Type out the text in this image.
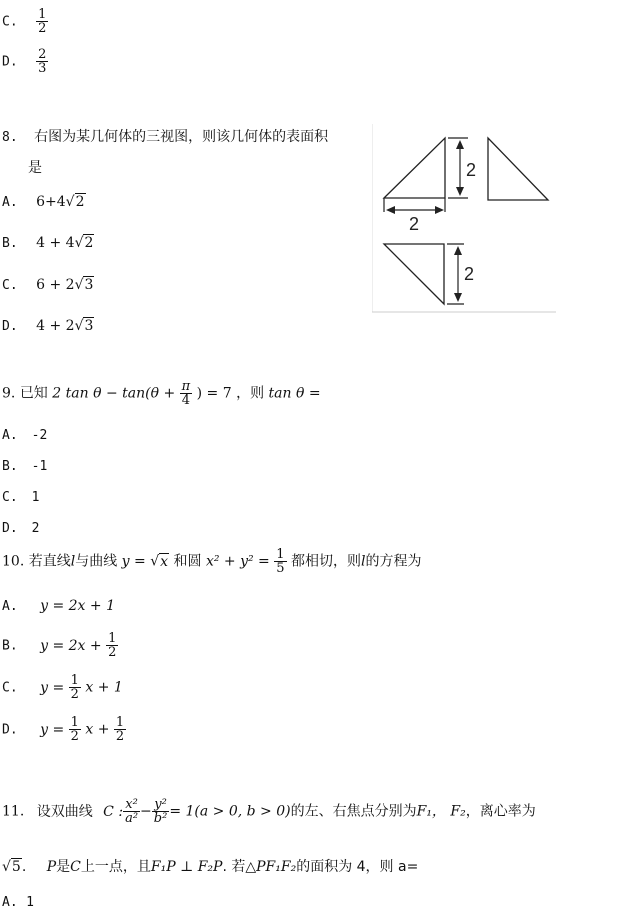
C. $\frac{1}{2}$
D. $\frac{2}{3}$
8. 右图为某几何体的三视图，则该几何体的表面积
是
A. 6+4√2
B. 4 + 4√2
C. 6 + 2√3
D. 4 + 2√3
2
2
2
9. 已知 2 $\tan \theta - \tan(\theta + \frac{\pi}{4}$ ) = 7 ，则 tan θ =
A. -2
B. -1
C. 1
D. 2
10. 若直线l与曲线 y = √x 和圆 $x^2 + y^2 = \frac{1}{5}$ 都相切，则l的方程为
A. y = 2x + 1
B. $y = 2x + \frac{1}{2}$
C. $y = \frac{1}{2}$ x + 1
D. $y = \frac{1}{2}$ $x + \frac{1}{2}$
11. 设双曲线 C : $\frac{\text{x²}}{\text{a²}} - \frac{\text{y²}}{\text{b²}} = 1(a > 0$, b > 0)的左、右焦点分别为F₁， F₂，离心率为
√5. P是C上一点，且F₁P ⊥ F₂P. 若△PF₁F₂的面积为 4，则 a=
A. 1
